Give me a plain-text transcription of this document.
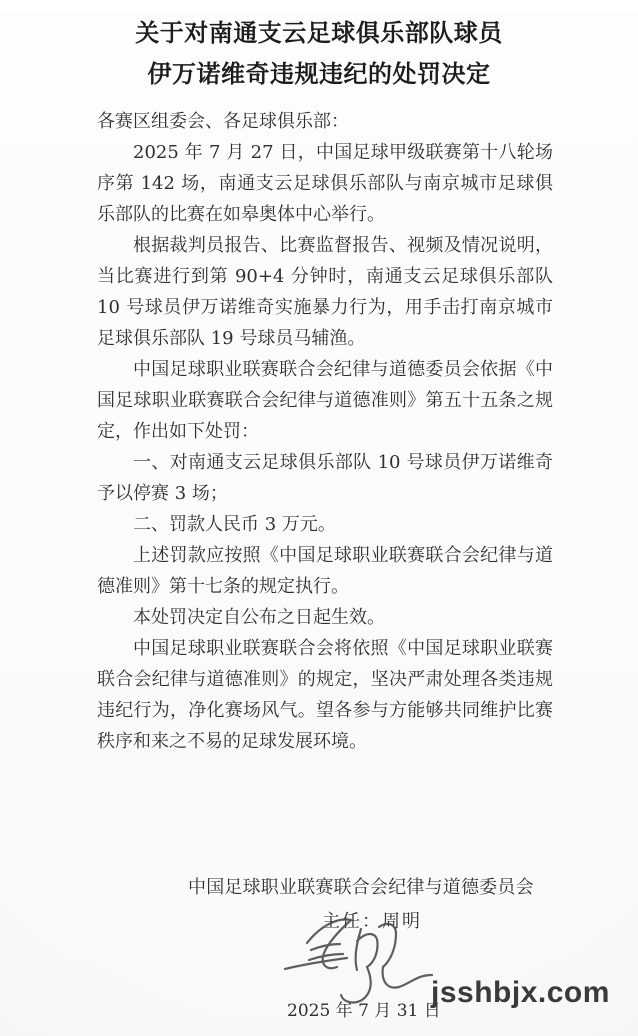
关于对南通支云足球俱乐部队球员
伊万诺维奇违规违纪的处罚决定

各赛区组委会、各足球俱乐部：

2025 年 7 月 27 日，中国足球甲级联赛第十八轮场序第 142 场，南通支云足球俱乐部队与南京城市足球俱乐部队的比赛在如皋奥体中心举行。

根据裁判员报告、比赛监督报告、视频及情况说明，当比赛进行到第 90+4 分钟时，南通支云足球俱乐部队 10 号球员伊万诺维奇实施暴力行为，用手击打南京城市足球俱乐部队 19 号球员马辅渔。

中国足球职业联赛联合会纪律与道德委员会依据《中国足球职业联赛联合会纪律与道德准则》第五十五条之规定，作出如下处罚：

一、对南通支云足球俱乐部队 10 号球员伊万诺维奇予以停赛 3 场；

二、罚款人民币 3 万元。

上述罚款应按照《中国足球职业联赛联合会纪律与道德准则》第十七条的规定执行。

本处罚决定自公布之日起生效。

中国足球职业联赛联合会将依照《中国足球职业联赛联合会纪律与道德准则》的规定，坚决严肃处理各类违规违纪行为，净化赛场风气。望各参与方能够共同维护比赛秩序和来之不易的足球发展环境。

中国足球职业联赛联合会纪律与道德委员会
主任：周明
2025 年 7 月 31 日
jsshbjx.com
